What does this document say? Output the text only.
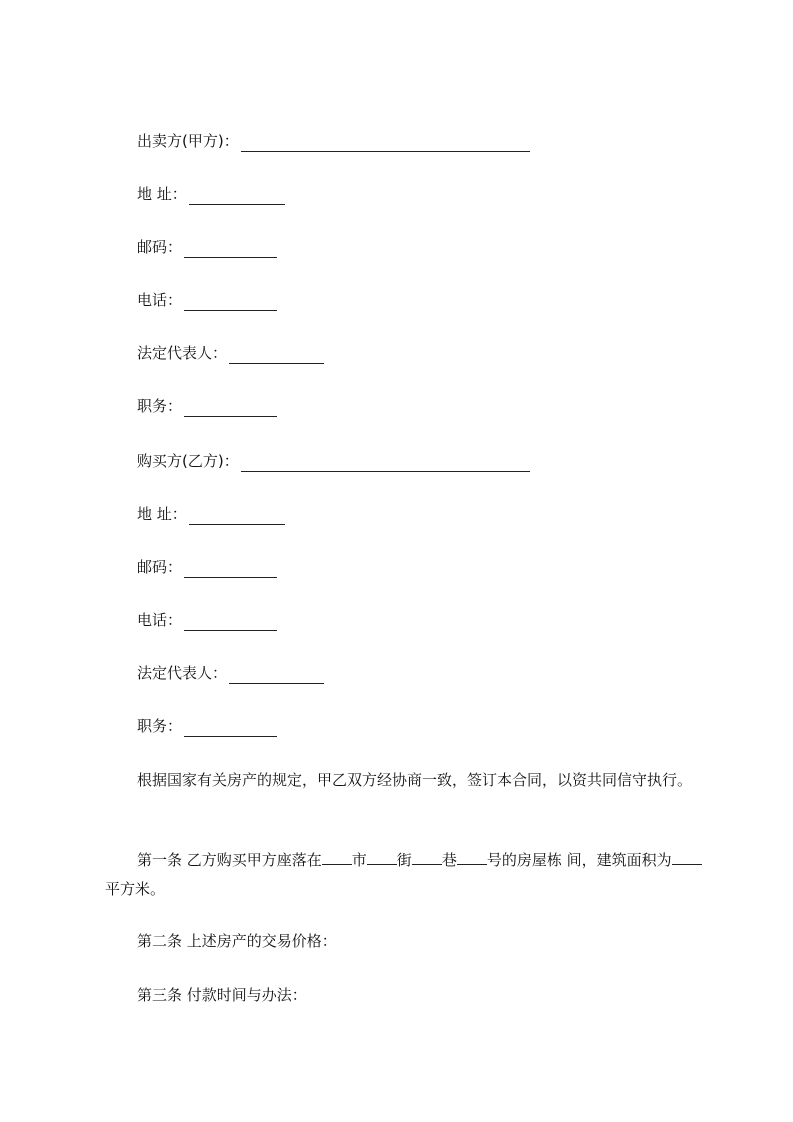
出卖方(甲方)：
地 址：
邮码：
电话：
法定代表人：
职务：
购买方(乙方)：
地 址：
邮码：
电话：
法定代表人：
职务：

根据国家有关房产的规定，甲乙双方经协商一致，签订本合同，以资共同信守执行。

第一条 乙方购买甲方座落在 市 街 巷 号的房屋栋 间，建筑面积为平方米。

第二条 上述房产的交易价格：

第三条 付款时间与办法：
